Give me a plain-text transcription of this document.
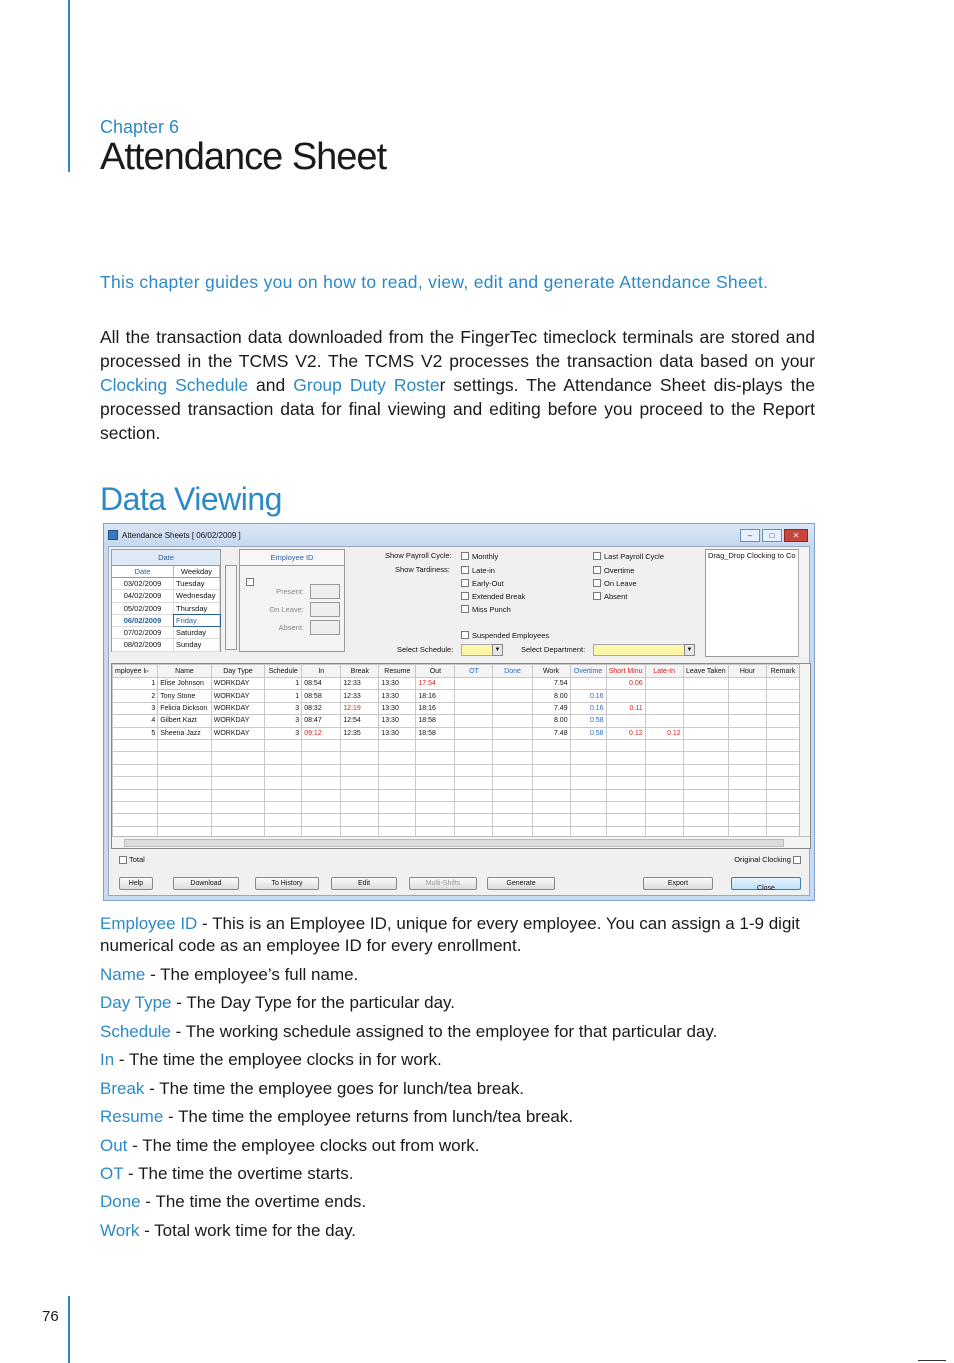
Chapter 6
Attendance Sheet
This chapter guides you on how to read, view, edit and generate Attendance Sheet.
All the transaction data downloaded from the FingerTec timeclock terminals are stored and processed in the TCMS V2. The TCMS V2 processes the transaction data based on your Clocking Schedule and Group Duty Roster settings. The Attendance Sheet dis-plays the processed transaction data for final viewing and editing before you proceed to the Report section.
Data Viewing
Attendance Sheets [ 06/02/2009 ]	–	□	✕
Date
Date	Weekday
03/02/2009	Tuesday
04/02/2009	Wednesday
05/02/2009	Thursday
06/02/2009	Friday
07/02/2009	Saturday
08/02/2009	Sunday
Employee ID
Present:
On Leave:
Absent:
Show Payroll Cycle:
Show Tardiness:
Monthly
Late-in
Early-Out
Extended Break
Miss Punch
Suspended Employees
Last Payroll Cycle
Overtime
On Leave
Absent
Select Schedule:	▼	Select Department:	▼
Drag_Drop Clocking to Co
mployee I▹	Name	Day Type	Schedule	In	Break	Resume	Out	OT	Done	Work	Overtime	Short Minu	Late-In	Leave Taken	Hour	Remark
1	Elise Johnson	WORKDAY	1	08:54	12:33	13:30	17:54			7.54		0.06				
2	Tony Stone	WORKDAY	1	08:58	12:33	13:30	18:16			8.00	0.16					
3	Felicia Dickson	WORKDAY	3	08:32	12:19	13:30	18:16			7.49	0.16	0.11				
4	Gilbert Kazt	WORKDAY	3	08:47	12:54	13:30	18:58			8.00	0.58					
5	Sheena Jazz	WORKDAY	3	09:12	12:35	13:30	18:58			7.48	0.58	0.12	0.12			

Total	Original Clocking
Help	Download	To History	Edit	Multi-Shifts	Generate	Export
Close
Employee ID - This is an Employee ID, unique for every employee. You can assign a 1-9 digit numerical code as an employee ID for every enrollment.
Name - The employee’s full name.
Day Type - The Day Type for the particular day.
Schedule - The working schedule assigned to the employee for that particular day.
In - The time the employee clocks in for work.
Break - The time the employee goes for lunch/tea break.
Resume - The time the employee returns from lunch/tea break.
Out - The time the employee clocks out from work.
OT - The time the overtime starts.
Done - The time the overtime ends.
Work - Total work time for the day.
76
